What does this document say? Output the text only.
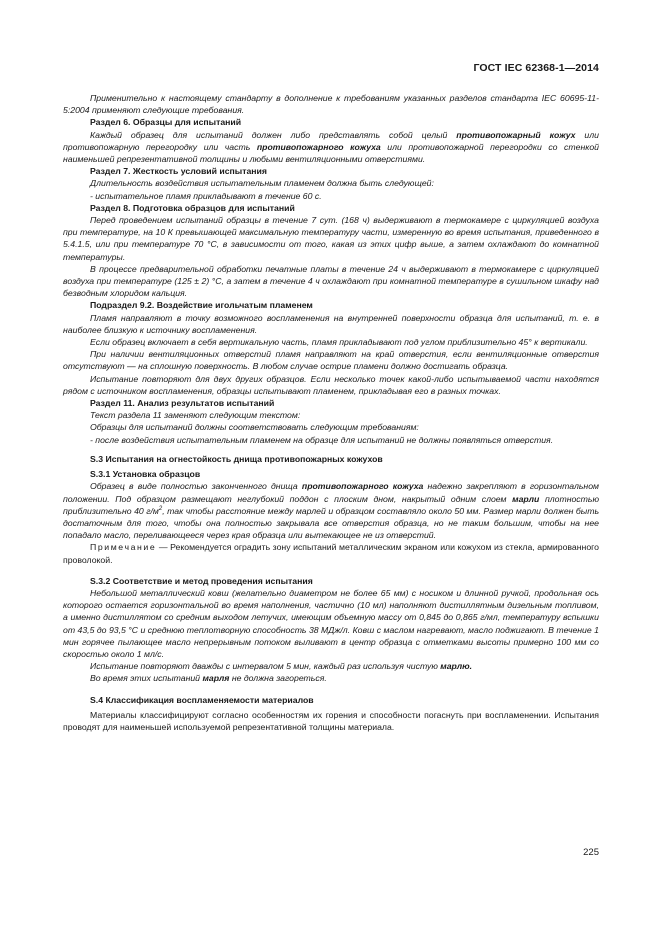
ГОСТ IEC 62368-1—2014

Применительно к настоящему стандарту в дополнение к требованиям указанных разделов стандарта IEC 60695-11-5:2004 применяют следующие требования.

Раздел 6. Образцы для испытаний

Каждый образец для испытаний должен либо представлять собой целый противопожарный кожух или противопожарную перегородку или часть противопожарного кожуха или противопожарной перегородки со стенкой наименьшей репрезентативной толщины и любыми вентиляционными отверстиями.

Раздел 7. Жесткость условий испытания

Длительность воздействия испытательным пламенем должна быть следующей:

- испытательное пламя прикладывают в течение 60 с.

Раздел 8. Подготовка образцов для испытаний

Перед проведением испытаний образцы в течение 7 сут. (168 ч) выдерживают в термокамере с циркуляцией воздуха при температуре, на 10 К превышающей максимальную температуру части, измеренную во время испытания, приведенного в 5.4.1.5, или при температуре 70 °С, в зависимости от того, какая из этих цифр выше, а затем охлаждают до комнатной температуры.

В процессе предварительной обработки печатные платы в течение 24 ч выдерживают в термокамере с циркуляцией воздуха при температуре (125 ± 2) °С, а затем в течение 4 ч охлаждают при комнатной температуре в сушильном шкафу над безводным хлоридом кальция.

Подраздел 9.2. Воздействие игольчатым пламенем

Пламя направляют в точку возможного воспламенения на внутренней поверхности образца для испытаний, т. е. в наиболее близкую к источнику воспламенения.

Если образец включает в себя вертикальную часть, пламя прикладывают под углом приблизительно 45° к вертикали.

При наличии вентиляционных отверстий пламя направляют на край отверстия, если вентиляционные отверстия отсутствуют — на сплошную поверхность. В любом случае острие пламени должно достигать образца.

Испытание повторяют для двух других образцов. Если несколько точек какой-либо испытываемой части находятся рядом с источником воспламенения, образцы испытывают пламенем, прикладывая его в разных точках.

Раздел 11. Анализ результатов испытаний

Текст раздела 11 заменяют следующим текстом:

Образцы для испытаний должны соответствовать следующим требованиям:

- после воздействия испытательным пламенем на образце для испытаний не должны появляться отверстия.

S.3 Испытания на огнестойкость днища противопожарных кожухов

S.3.1 Установка образцов

Образец в виде полностью законченного днища противопожарного кожуха надежно закрепляют в горизонтальном положении. Под образцом размещают неглубокий поддон с плоским дном, накрытый одним слоем марли плотностью приблизительно 40 $г/м^2$, так чтобы расстояние между марлей и образцом составляло около 50 мм. Размер марли должен быть достаточным для того, чтобы она полностью закрывала все отверстия образца, но не таким большим, чтобы на нее попадало масло, переливающееся через края образца или вытекающее не из отверстий.

Примечание — Рекомендуется оградить зону испытаний металлическим экраном или кожухом из стекла, армированного проволокой.

S.3.2 Соответствие и метод проведения испытания

Небольшой металлический ковш (желательно диаметром не более 65 мм) с носиком и длинной ручкой, продольная ось которого остается горизонтальной во время наполнения, частично (10 мл) наполняют дистиллятным дизельным топливом, а именно дистиллятом со средним выходом летучих, имеющим объемную массу от 0,845 до 0,865 г/мл, температуру вспышки от 43,5 до 93,5 °С и среднюю теплотворную способность 38 МДж/л. Ковш с маслом нагревают, масло поджигают. В течение 1 мин горячее пылающее масло непрерывным потоком выливают в центр образца с отметками высоты примерно 100 мм со скоростью около 1 мл/с.

Испытание повторяют дважды с интервалом 5 мин, каждый раз используя чистую марлю.

Во время этих испытаний марля не должна загореться.

S.4 Классификация воспламеняемости материалов

Материалы классифицируют согласно особенностям их горения и способности погаснуть при воспламенении. Испытания проводят для наименьшей используемой репрезентативной толщины материала.

225
